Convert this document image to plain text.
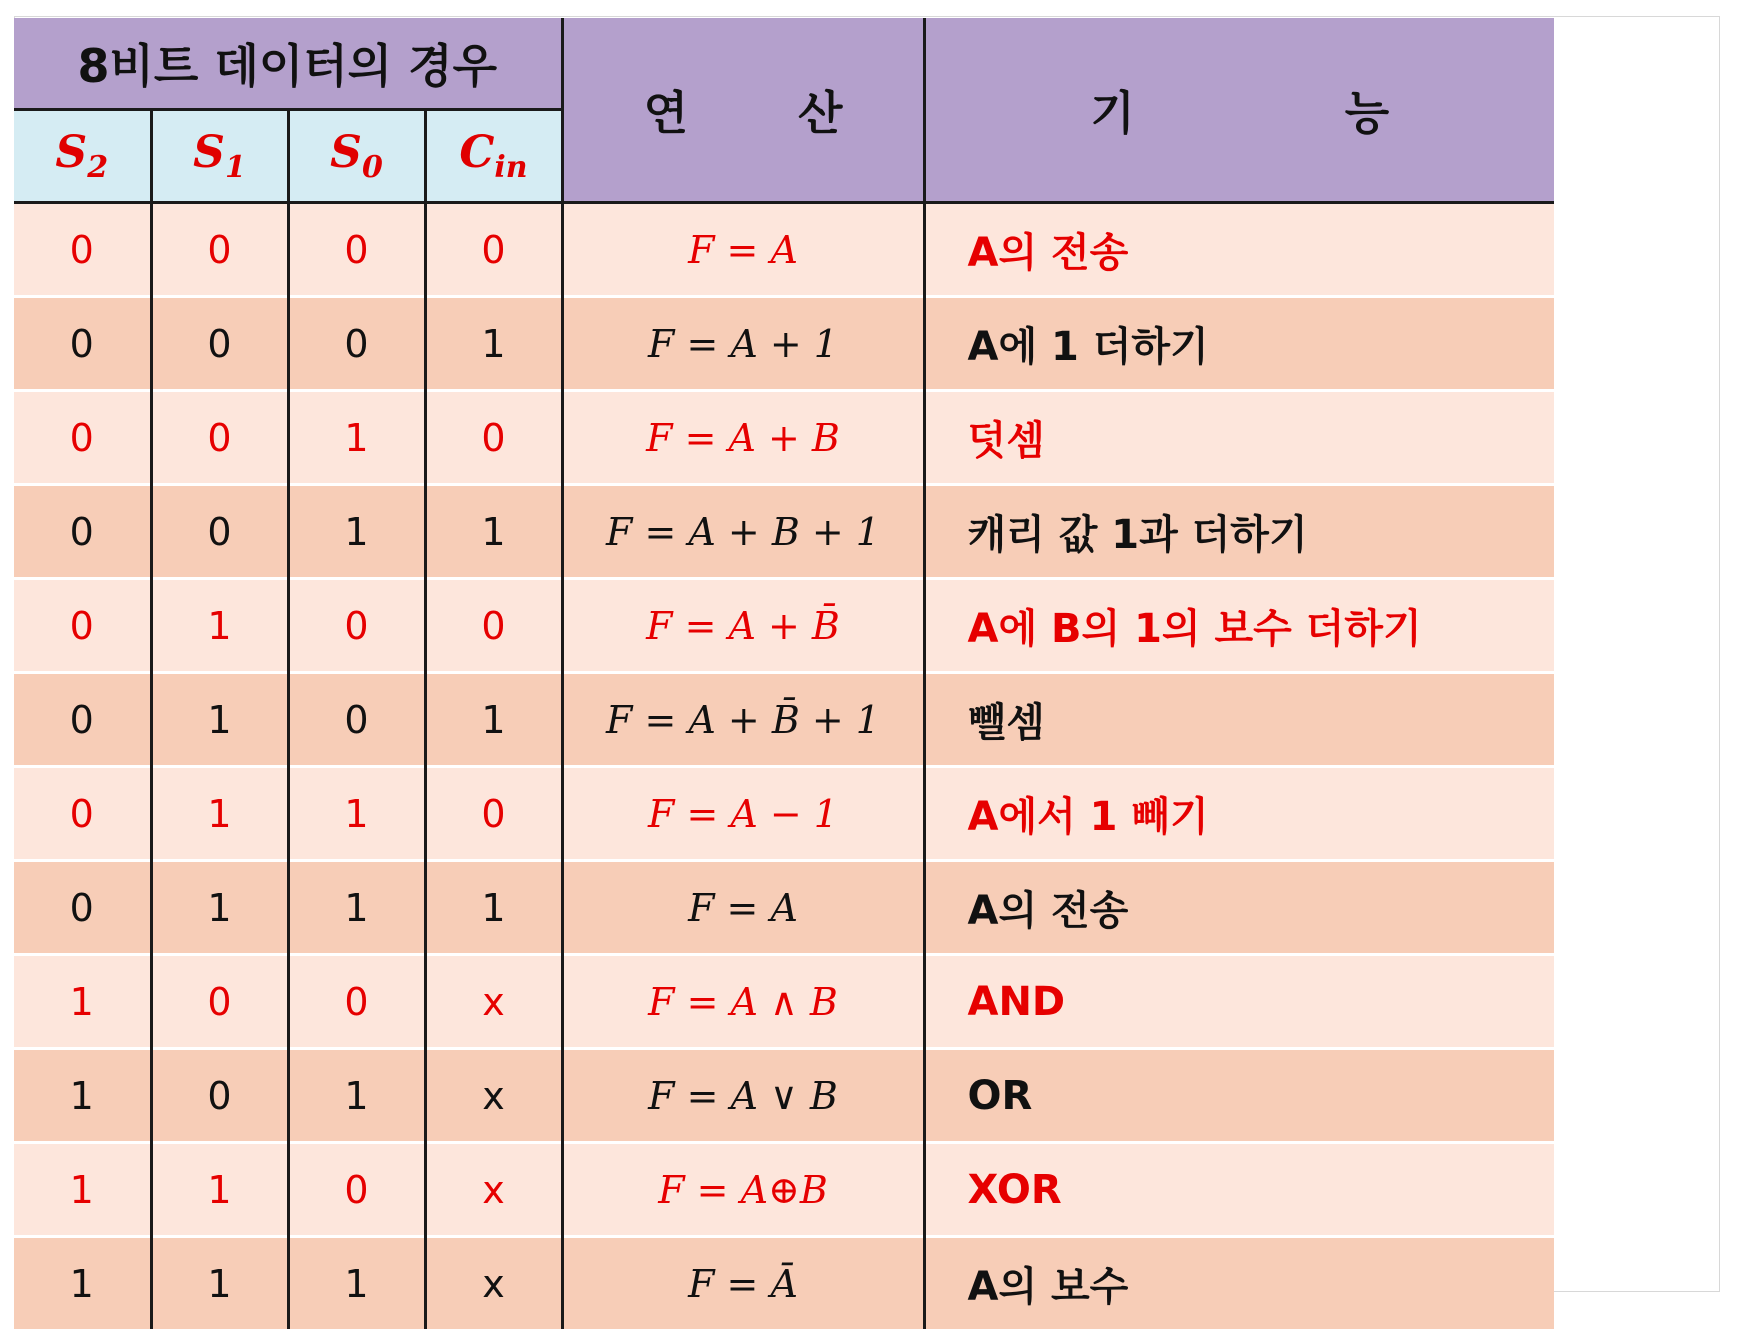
8비트 데이터의 경우				연 산	기 능
$S_2$	$S_1$	$S_0$	$C_{in}$
0	0	0	0	F = A	A의 전송
0	0	0	1	F = A + 1	A에 1 더하기
0	0	1	0	F = A + B	덧셈
0	0	1	1	F = A + B + 1	캐리 값 1과 더하기
0	1	0	0	F = A + B̄	A에 B의 1의 보수 더하기
0	1	0	1	F = A + B̄ + 1	뺄셈
0	1	1	0	F = A − 1	A에서 1 빼기
0	1	1	1	F = A	A의 전송
1	0	0	x	F = A ∧ B	AND
1	0	1	x	F = A ∨ B	OR
1	1	0	x	F = A⊕B	XOR
1	1	1	x	F = Ā	A의 보수
